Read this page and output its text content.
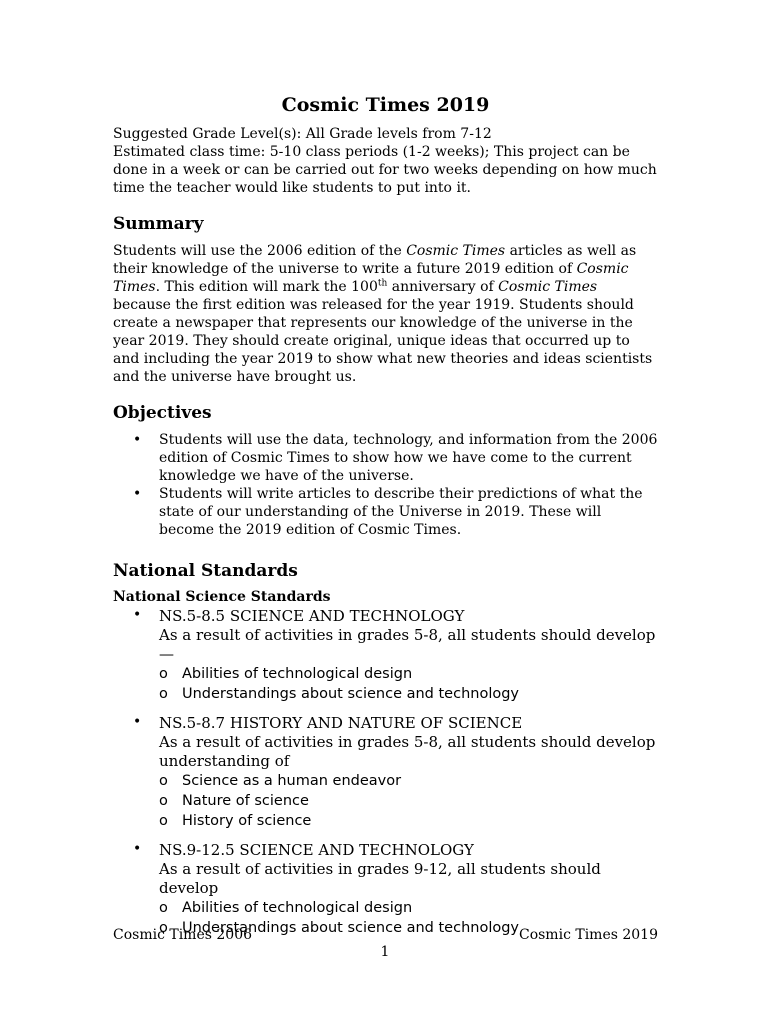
Cosmic Times 2019

Suggested Grade Level(s): All Grade levels from 7-12

Estimated class time: 5-10 class periods (1-2 weeks); This project can be done in a week or can be carried out for two weeks depending on how much time the teacher would like students to put into it.

Summary

Students will use the 2006 edition of the Cosmic Times articles as well as their knowledge of the universe to write a future 2019 edition of Cosmic Times. This edition will mark the 100th anniversary of Cosmic Times because the first edition was released for the year 1919. Students should create a newspaper that represents our knowledge of the universe in the year 2019. They should create original, unique ideas that occurred up to and including the year 2019 to show what new theories and ideas scientists and the universe have brought us.

Objectives
• Students will use the data, technology, and information from the 2006 edition of Cosmic Times to show how we have come to the current knowledge we have of the universe.
• Students will write articles to describe their predictions of what the state of our understanding of the Universe in 2019. These will become the 2019 edition of Cosmic Times.
National Standards
National Science Standards
• NS.5-8.5 SCIENCE AND TECHNOLOGY
As a result of activities in grades 5-8, all students should develop—
o Abilities of technological design
o Understandings about science and technology
• NS.5-8.7 HISTORY AND NATURE OF SCIENCE
As a result of activities in grades 5-8, all students should develop understanding of
o Science as a human endeavor
o Nature of science
o History of science
• NS.9-12.5 SCIENCE AND TECHNOLOGY
As a result of activities in grades 9-12, all students should develop
o Abilities of technological design
o Understandings about science and technology
Cosmic Times 2006	Cosmic Times 2019
1
